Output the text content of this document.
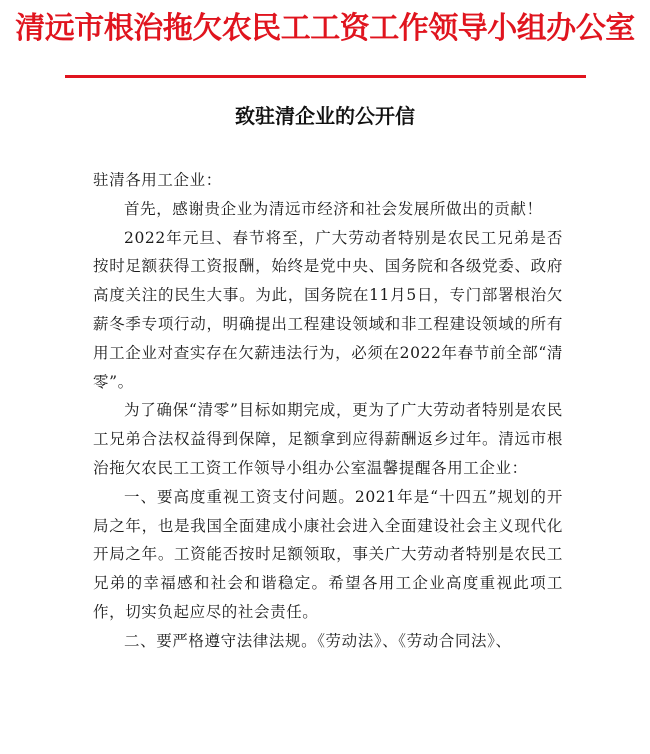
清远市根治拖欠农民工工资工作领导小组办公室
致驻清企业的公开信

驻清各用工企业：

首先，感谢贵企业为清远市经济和社会发展所做出的贡献！

2022年元旦、春节将至，广大劳动者特别是农民工兄弟是否按时足额获得工资报酬，始终是党中央、国务院和各级党委、政府高度关注的民生大事。为此，国务院在11月5日，专门部署根治欠薪冬季专项行动，明确提出工程建设领域和非工程建设领域的所有用工企业对查实存在欠薪违法行为，必须在2022年春节前全部“清零”。

为了确保“清零”目标如期完成，更为了广大劳动者特别是农民工兄弟合法权益得到保障，足额拿到应得薪酬返乡过年。清远市根治拖欠农民工工资工作领导小组办公室温馨提醒各用工企业：

一、要高度重视工资支付问题。2021年是“十四五”规划的开局之年，也是我国全面建成小康社会进入全面建设社会主义现代化开局之年。工资能否按时足额领取，事关广大劳动者特别是农民工兄弟的幸福感和社会和谐稳定。希望各用工企业高度重视此项工作，切实负起应尽的社会责任。

二、要严格遵守法律法规。《劳动法》、《劳动合同法》、
